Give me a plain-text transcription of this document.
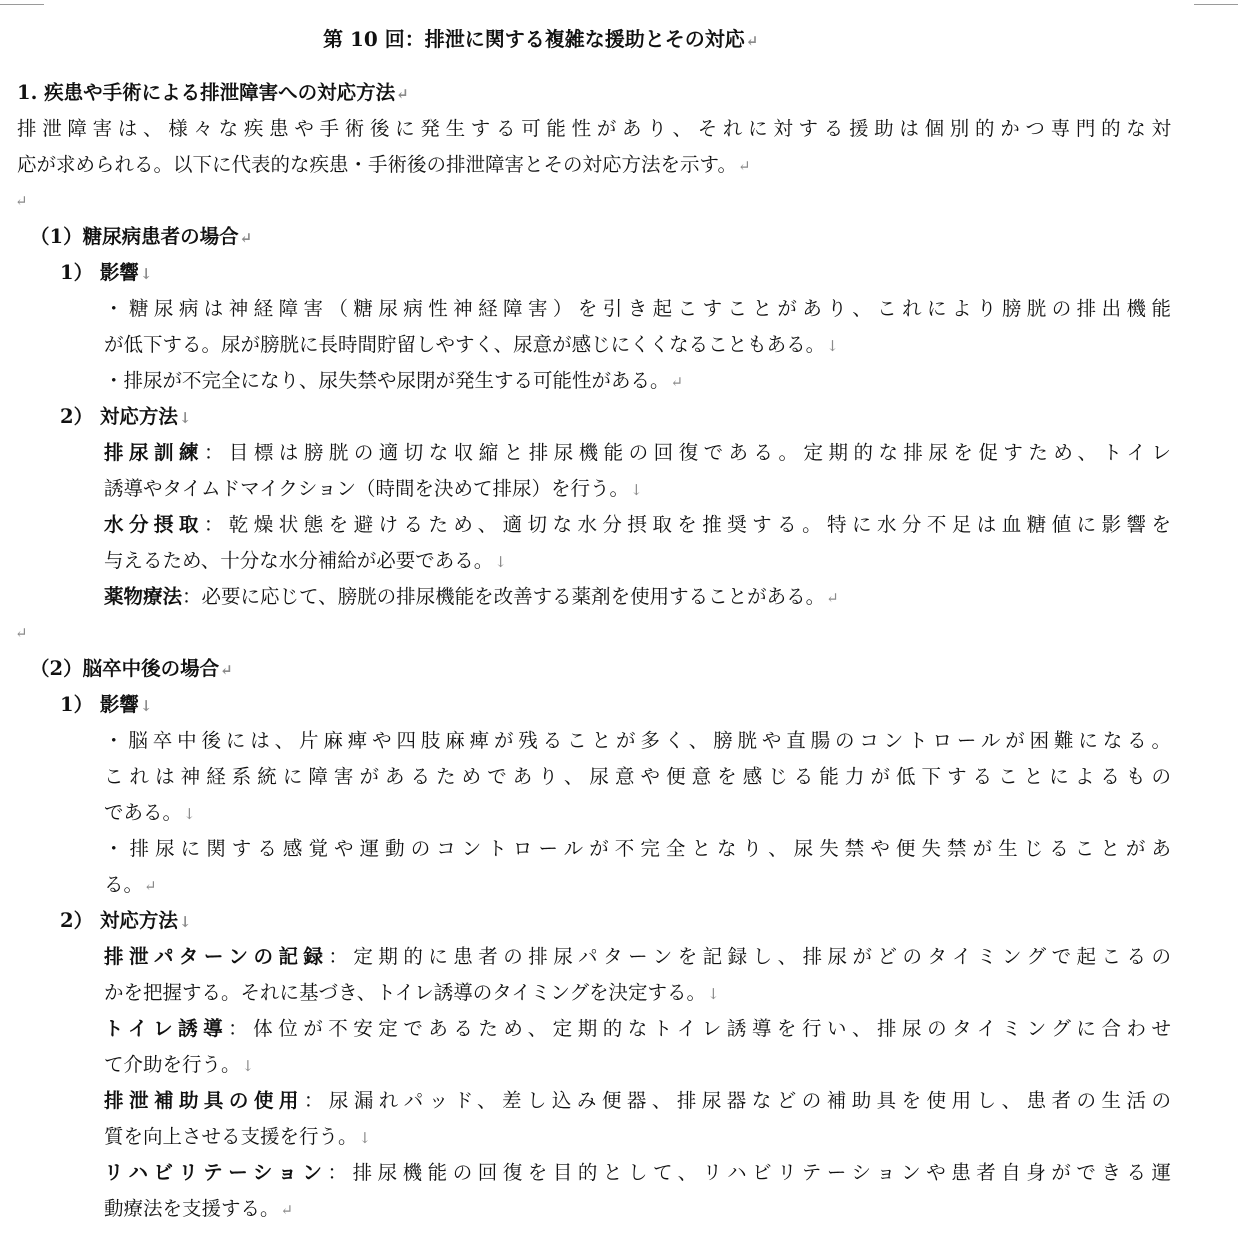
第 10 回：排泄に関する複雑な援助とその対応↵
1. 疾患や手術による排泄障害への対応方法↵
排泄障害は、様々な疾患や手術後に発生する可能性があり、それに対する援助は個別的かつ専門的な対
応が求められる。以下に代表的な疾患・手術後の排泄障害とその対応方法を示す。↵
↵
（1）糖尿病患者の場合↵
1） 影響↓
・糖尿病は神経障害（糖尿病性神経障害）を引き起こすことがあり、これにより膀胱の排出機能
が低下する。尿が膀胱に長時間貯留しやすく、尿意が感じにくくなることもある。↓
・排尿が不完全になり、尿失禁や尿閉が発生する可能性がある。↵
2） 対応方法↓
排尿訓練：目標は膀胱の適切な収縮と排尿機能の回復である。定期的な排尿を促すため、トイレ
誘導やタイムドマイクション（時間を決めて排尿）を行う。↓
水分摂取：乾燥状態を避けるため、適切な水分摂取を推奨する。特に水分不足は血糖値に影響を
与えるため、十分な水分補給が必要である。↓
薬物療法：必要に応じて、膀胱の排尿機能を改善する薬剤を使用することがある。↵
↵
（2）脳卒中後の場合↵
1） 影響↓
・脳卒中後には、片麻痺や四肢麻痺が残ることが多く、膀胱や直腸のコントロールが困難になる。
これは神経系統に障害があるためであり、尿意や便意を感じる能力が低下することによるもの
である。↓
・排尿に関する感覚や運動のコントロールが不完全となり、尿失禁や便失禁が生じることがあ
る。↵
2） 対応方法↓
排泄パターンの記録：定期的に患者の排尿パターンを記録し、排尿がどのタイミングで起こるの
かを把握する。それに基づき、トイレ誘導のタイミングを決定する。↓
トイレ誘導：体位が不安定であるため、定期的なトイレ誘導を行い、排尿のタイミングに合わせ
て介助を行う。↓
排泄補助具の使用：尿漏れパッド、差し込み便器、排尿器などの補助具を使用し、患者の生活の
質を向上させる支援を行う。↓
リハビリテーション：排尿機能の回復を目的として、リハビリテーションや患者自身ができる運
動療法を支援する。↵
